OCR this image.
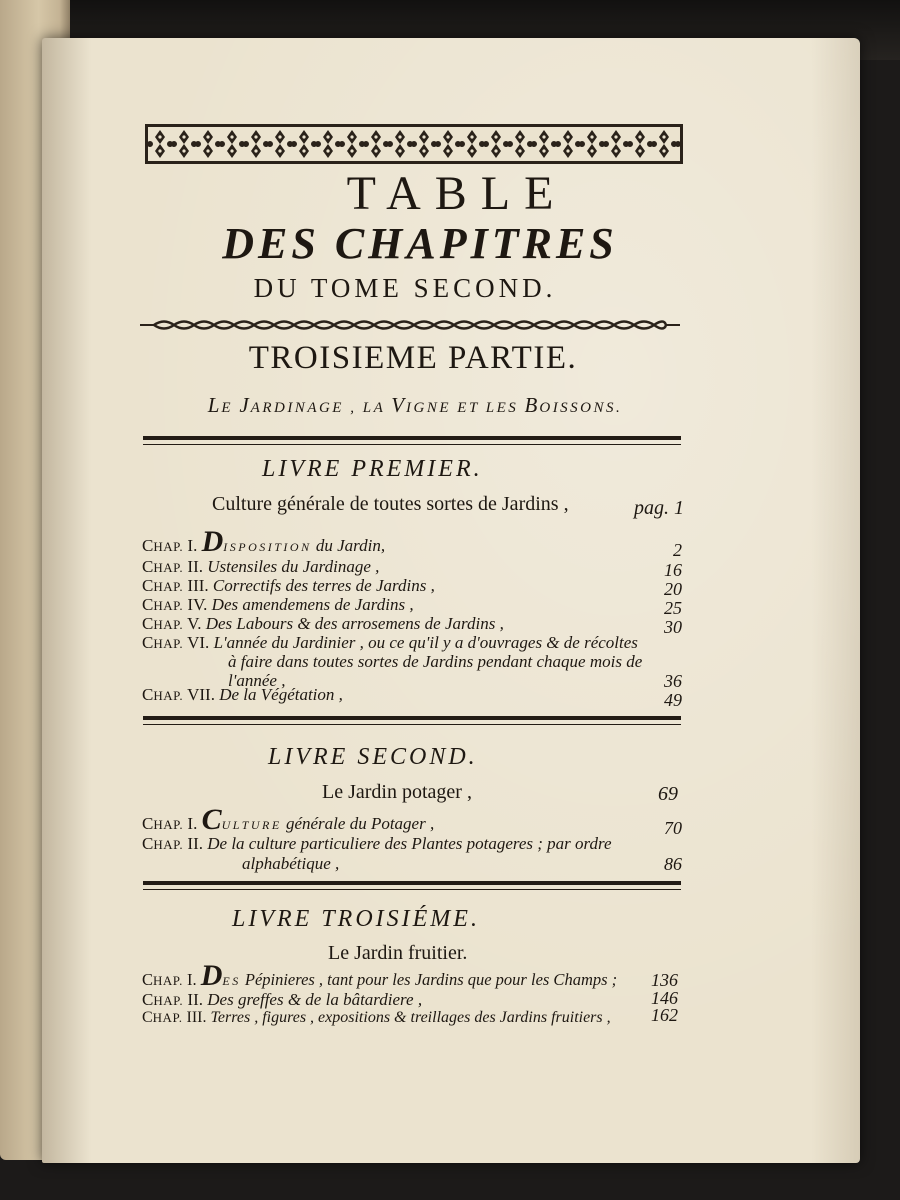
TABLE
DES CHAPITRES
DU TOME SECOND.
TROISIEME PARTIE.
LE JARDINAGE , LA VIGNE ET LES BOISSONS.
LIVRE PREMIER.
Culture générale de toutes sortes de Jardins ,	pag. 1
CHAP. I. DISPOSITION du Jardin,	2
CHAP. II. Ustensiles du Jardinage ,	16
CHAP. III. Correctifs des terres de Jardins ,	20
CHAP. IV. Des amendemens de Jardins ,	25
CHAP. V. Des Labours & des arrosemens de Jardins ,	30
CHAP. VI. L'année du Jardinier , ou ce qu'il y a d'ouvrages & de récoltes
à faire dans toutes sortes de Jardins pendant chaque mois de
l'année ,	36
CHAP. VII. De la Végétation ,	49
LIVRE SECOND.
Le Jardin potager ,	69
CHAP. I. CULTURE générale du Potager ,	70
CHAP. II. De la culture particuliere des Plantes potageres ; par ordre
alphabétique ,	86
LIVRE TROISIÉME.
Le Jardin fruitier.
CHAP. I. DES Pépinieres , tant pour les Jardins que pour les Champs ;	136
CHAP. II. Des greffes & de la bâtardiere ,	146
CHAP. III. Terres , figures , expositions & treillages des Jardins fruitiers ,	162
